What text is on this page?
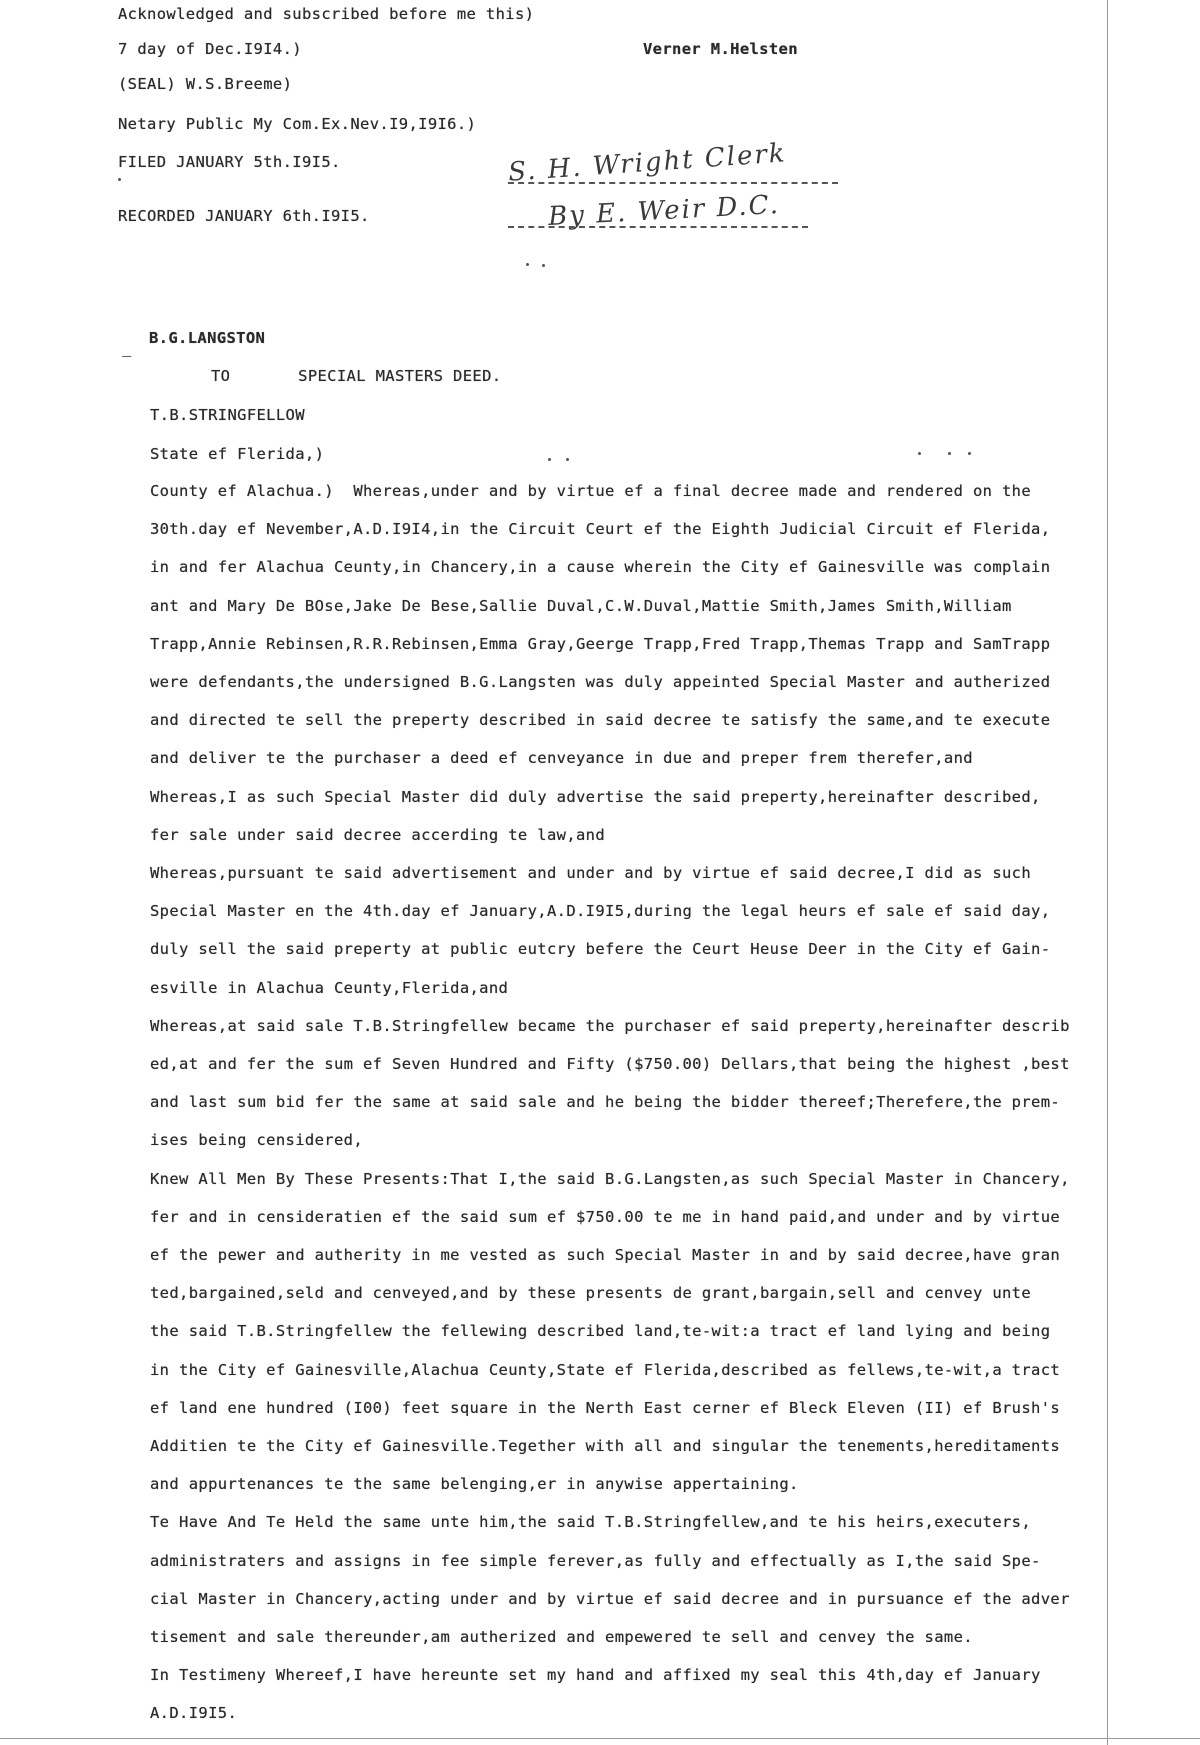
Acknowledged and subscribed before me this)
7 day of Dec.I9I4.)	Verner M.Helsten
(SEAL) W.S.Breeme)
Netary Public My Com.Ex.Nev.I9,I9I6.)
FILED JANUARY 5th.I9I5.
RECORDED JANUARY 6th.I9I5.
S. H. Wright Clerk
By E. Weir D.C.
_
B.G.LANGSTON
TO       SPECIAL MASTERS DEED.
T.B.STRINGFELLOW
State ef Flerida,)
County ef Alachua.)  Whereas,under and by virtue ef a final decree made and rendered on the
30th.day ef Nevember,A.D.I9I4,in the Circuit Ceurt ef the Eighth Judicial Circuit ef Flerida,
in and fer Alachua Ceunty,in Chancery,in a cause wherein the City ef Gainesville was complain
ant and Mary De BOse,Jake De Bese,Sallie Duval,C.W.Duval,Mattie Smith,James Smith,William
Trapp,Annie Rebinsen,R.R.Rebinsen,Emma Gray,Geerge Trapp,Fred Trapp,Themas Trapp and SamTrapp
were defendants,the undersigned B.G.Langsten was duly appeinted Special Master and autherized
and directed te sell the preperty described in said decree te satisfy the same,and te execute
and deliver te the purchaser a deed ef cenveyance in due and preper frem therefer,and
Whereas,I as such Special Master did duly advertise the said preperty,hereinafter described,
fer sale under said decree accerding te law,and
Whereas,pursuant te said advertisement and under and by virtue ef said decree,I did as such
Special Master en the 4th.day ef January,A.D.I9I5,during the legal heurs ef sale ef said day,
duly sell the said preperty at public eutcry befere the Ceurt Heuse Deer in the City ef Gain-
esville in Alachua Ceunty,Flerida,and
Whereas,at said sale T.B.Stringfellew became the purchaser ef said preperty,hereinafter describ
ed,at and fer the sum ef Seven Hundred and Fifty ($750.00) Dellars,that being the highest ,best
and last sum bid fer the same at said sale and he being the bidder thereef;Therefere,the prem-
ises being censidered,
Knew All Men By These Presents:That I,the said B.G.Langsten,as such Special Master in Chancery,
fer and in censideratien ef the said sum ef $750.00 te me in hand paid,and under and by virtue
ef the pewer and autherity in me vested as such Special Master in and by said decree,have gran
ted,bargained,seld and cenveyed,and by these presents de grant,bargain,sell and cenvey unte
the said T.B.Stringfellew the fellewing described land,te-wit:a tract ef land lying and being
in the City ef Gainesville,Alachua Ceunty,State ef Flerida,described as fellews,te-wit,a tract
ef land ene hundred (I00) feet square in the Nerth East cerner ef Bleck Eleven (II) ef Brush's
Additien te the City ef Gainesville.Tegether with all and singular the tenements,hereditaments
and appurtenances te the same belenging,er in anywise appertaining.
Te Have And Te Held the same unte him,the said T.B.Stringfellew,and te his heirs,executers,
administraters and assigns in fee simple ferever,as fully and effectually as I,the said Spe-
cial Master in Chancery,acting under and by virtue ef said decree and in pursuance ef the adver
tisement and sale thereunder,am autherized and empewered te sell and cenvey the same.
In Testimeny Whereef,I have hereunte set my hand and affixed my seal this 4th,day ef January
A.D.I9I5.
